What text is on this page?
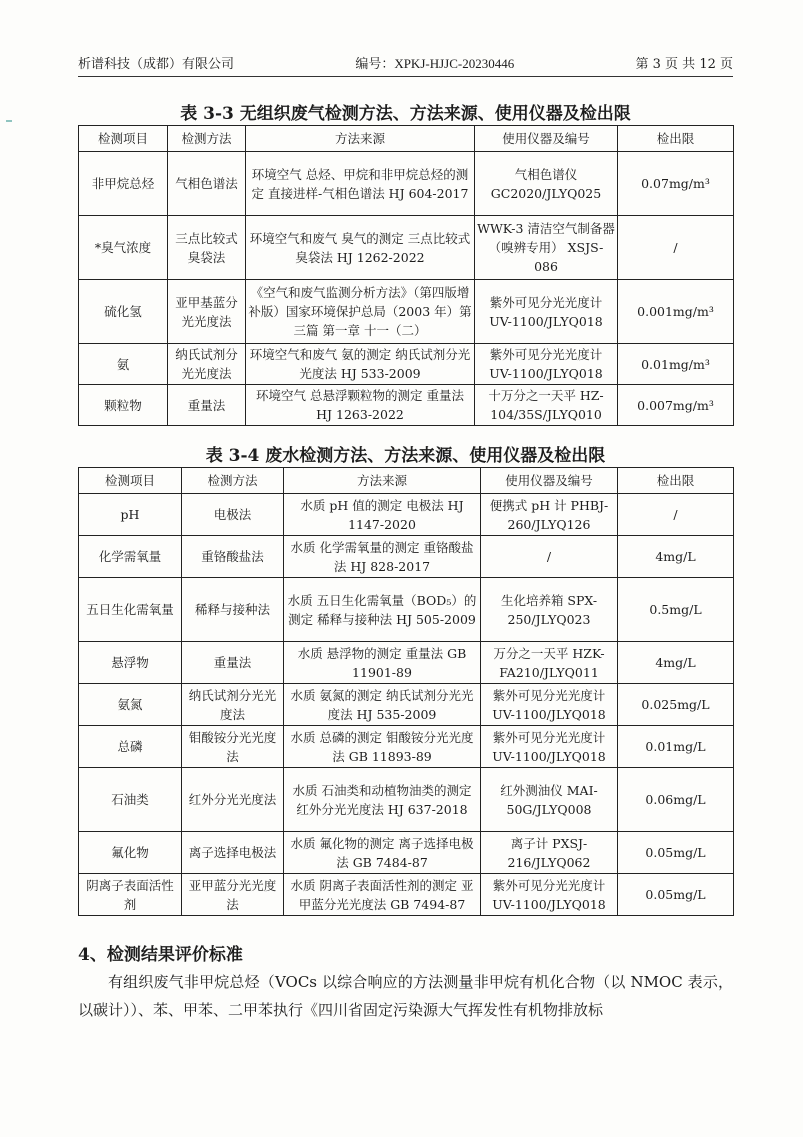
析谱科技（成都）有限公司	编号：XPKJ-HJJC-20230446	第 3 页 共 12 页
表 3-3 无组织废气检测方法、方法来源、使用仪器及检出限
检测项目	检测方法	方法来源	使用仪器及编号	检出限
非甲烷总烃	气相色谱法	环境空气 总烃、甲烷和非甲烷总烃的测定 直接进样-气相色谱法 HJ 604-2017	气相色谱仪 GC2020/JLYQ025	0.07mg/m³
*臭气浓度	三点比较式臭袋法	环境空气和废气 臭气的测定 三点比较式臭袋法 HJ 1262-2022	WWK-3 清洁空气制备器（嗅辨专用） XSJS-086	/
硫化氢	亚甲基蓝分光光度法	《空气和废气监测分析方法》（第四版增补版）国家环境保护总局（2003 年）第三篇 第一章 十一（二）	紫外可见分光光度计 UV-1100/JLYQ018	0.001mg/m³
氨	纳氏试剂分光光度法	环境空气和废气 氨的测定 纳氏试剂分光光度法 HJ 533-2009	紫外可见分光光度计 UV-1100/JLYQ018	0.01mg/m³
颗粒物	重量法	环境空气 总悬浮颗粒物的测定 重量法 HJ 1263-2022	十万分之一天平 HZ-104/35S/JLYQ010	0.007mg/m³
表 3-4 废水检测方法、方法来源、使用仪器及检出限
检测项目	检测方法	方法来源	使用仪器及编号	检出限
pH	电极法	水质 pH 值的测定 电极法 HJ 1147-2020	便携式 pH 计 PHBJ-260/JLYQ126	/
化学需氧量	重铬酸盐法	水质 化学需氧量的测定 重铬酸盐法 HJ 828-2017	/	4mg/L
五日生化需氧量	稀释与接种法	水质 五日生化需氧量（BOD₅）的测定 稀释与接种法 HJ 505-2009	生化培养箱 SPX-250/JLYQ023	0.5mg/L
悬浮物	重量法	水质 悬浮物的测定 重量法 GB 11901-89	万分之一天平 HZK-FA210/JLYQ011	4mg/L
氨氮	纳氏试剂分光光度法	水质 氨氮的测定 纳氏试剂分光光度法 HJ 535-2009	紫外可见分光光度计 UV-1100/JLYQ018	0.025mg/L
总磷	钼酸铵分光光度法	水质 总磷的测定 钼酸铵分光光度法 GB 11893-89	紫外可见分光光度计 UV-1100/JLYQ018	0.01mg/L
石油类	红外分光光度法	水质 石油类和动植物油类的测定 红外分光光度法 HJ 637-2018	红外测油仪 MAI-50G/JLYQ008	0.06mg/L
氟化物	离子选择电极法	水质 氟化物的测定 离子选择电极法 GB 7484-87	离子计 PXSJ-216/JLYQ062	0.05mg/L
阴离子表面活性剂	亚甲蓝分光光度法	水质 阴离子表面活性剂的测定 亚甲蓝分光光度法 GB 7494-87	紫外可见分光光度计 UV-1100/JLYQ018	0.05mg/L
4、检测结果评价标准
有组织废气非甲烷总烃（VOCs 以综合响应的方法测量非甲烷有机化合物（以 NMOC 表示，以碳计））、苯、甲苯、二甲苯执行《四川省固定污染源大气挥发性有机物排放标
